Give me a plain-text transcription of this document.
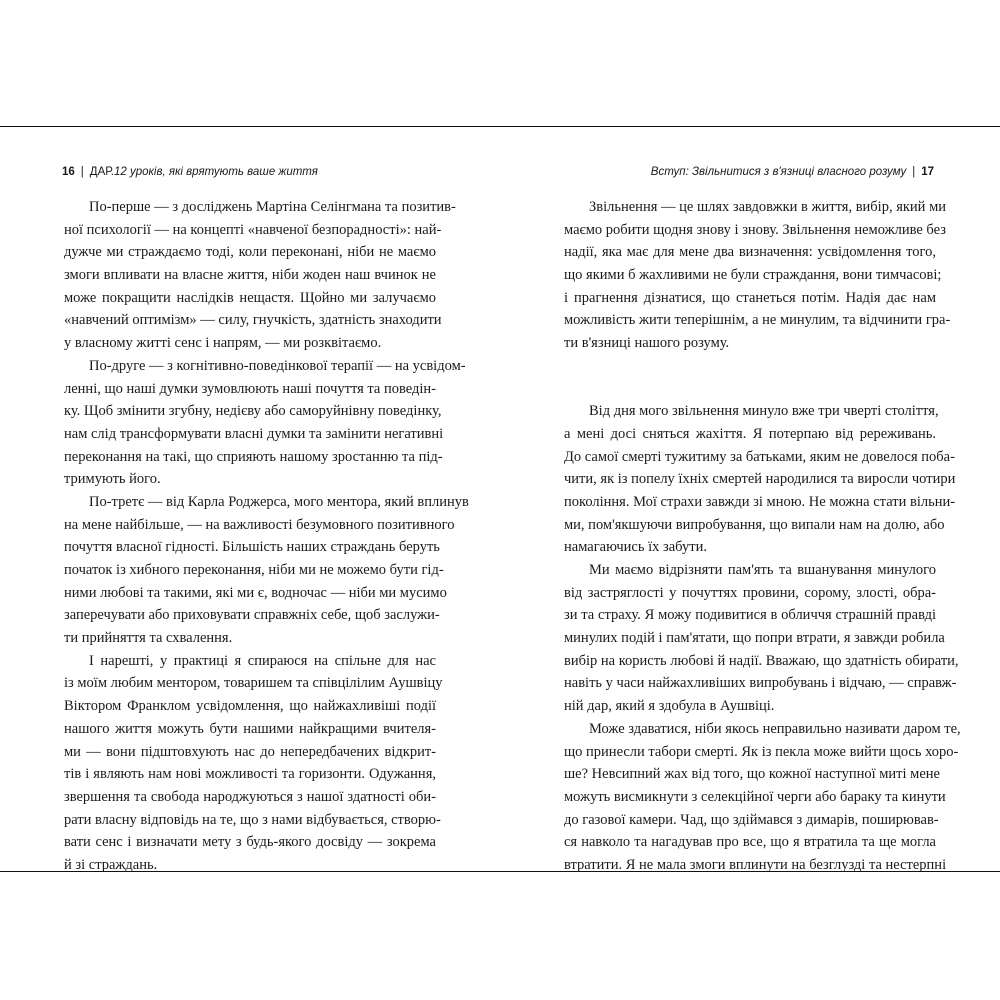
16 | ДАР.12 уроків, які врятують ваше життя	Вступ: Звільнитися з в'язниці власного розуму | 17
По-перше — з досліджень Мартіна Селінгмана та позитив-
ної психології — на концепті «навченої безпорадності»: най-
дужче ми страждаємо тоді, коли переконані, ніби не маємо
змоги впливати на власне життя, ніби жоден наш вчинок не
може покращити наслідків нещастя. Щойно ми залучаємо
«навчений оптимізм» — силу, гнучкість, здатність знаходити
у власному житті сенс і напрям, — ми розквітаємо.
По-друге — з когнітивно-поведінкової терапії — на усвідом-
ленні, що наші думки зумовлюють наші почуття та поведін-
ку. Щоб змінити згубну, недієву або саморуйнівну поведінку,
нам слід трансформувати власні думки та замінити негативні
переконання на такі, що сприяють нашому зростанню та під-
тримують його.
По-третє — від Карла Роджерса, мого ментора, який вплинув
на мене найбільше, — на важливості безумовного позитивного
почуття власної гідності. Більшість наших страждань беруть
початок із хибного переконання, ніби ми не можемо бути гід-
ними любові та такими, які ми є, водночас — ніби ми мусимо
заперечувати або приховувати справжніх себе, щоб заслужи-
ти прийняття та схвалення.
І нарешті, у практиці я спираюся на спільне для нас
із моїм любим ментором, товаришем та співцілілим Аушвіцу
Віктором Франклом усвідомлення, що найжахливіші події
нашого життя можуть бути нашими найкращими вчителя-
ми — вони підштовхують нас до непередбачених відкрит-
тів і являють нам нові можливості та горизонти. Одужання,
звершення та свобода народжуються з нашої здатності оби-
рати власну відповідь на те, що з нами відбувається, створю-
вати сенс і визначати мету з будь-якого досвіду — зокрема
й зі страждань.
Звільнення — це шлях завдовжки в життя, вибір, який ми
маємо робити щодня знову і знову. Звільнення неможливе без
надії, яка має для мене два визначення: усвідомлення того,
що якими б жахливими не були страждання, вони тимчасові;
і прагнення дізнатися, що станеться потім. Надія дає нам
можливість жити теперішнім, а не минулим, та відчинити гра-
ти в'язниці нашого розуму.
Від дня мого звільнення минуло вже три чверті століття,
а мені досі сняться жахіття. Я потерпаю від ререживань.
До самої смерті тужитиму за батьками, яким не довелося поба-
чити, як із попелу їхніх смертей народилися та виросли чотири
покоління. Мої страхи завжди зі мною. Не можна стати вільни-
ми, пом'якшуючи випробування, що випали нам на долю, або
намагаючись їх забути.
Ми маємо відрізняти пам'ять та вшанування минулого
від застряглості у почуттях провини, сорому, злості, обра-
зи та страху. Я можу подивитися в обличчя страшній правді
минулих подій і пам'ятати, що попри втрати, я завжди робила
вибір на користь любові й надії. Вважаю, що здатність обирати,
навіть у часи найжахливіших випробувань і відчаю, — справж-
ній дар, який я здобула в Аушвіці.
Може здаватися, ніби якось неправильно називати даром те,
що принесли табори смерті. Як із пекла може вийти щось хоро-
ше? Невсипний жах від того, що кожної наступної миті мене
можуть висмикнути з селекційної черги або бараку та кинути
до газової камери. Чад, що здіймався з димарів, поширював-
ся навколо та нагадував про все, що я втратила та ще могла
втратити. Я не мала змоги вплинути на безглузді та нестерпні
